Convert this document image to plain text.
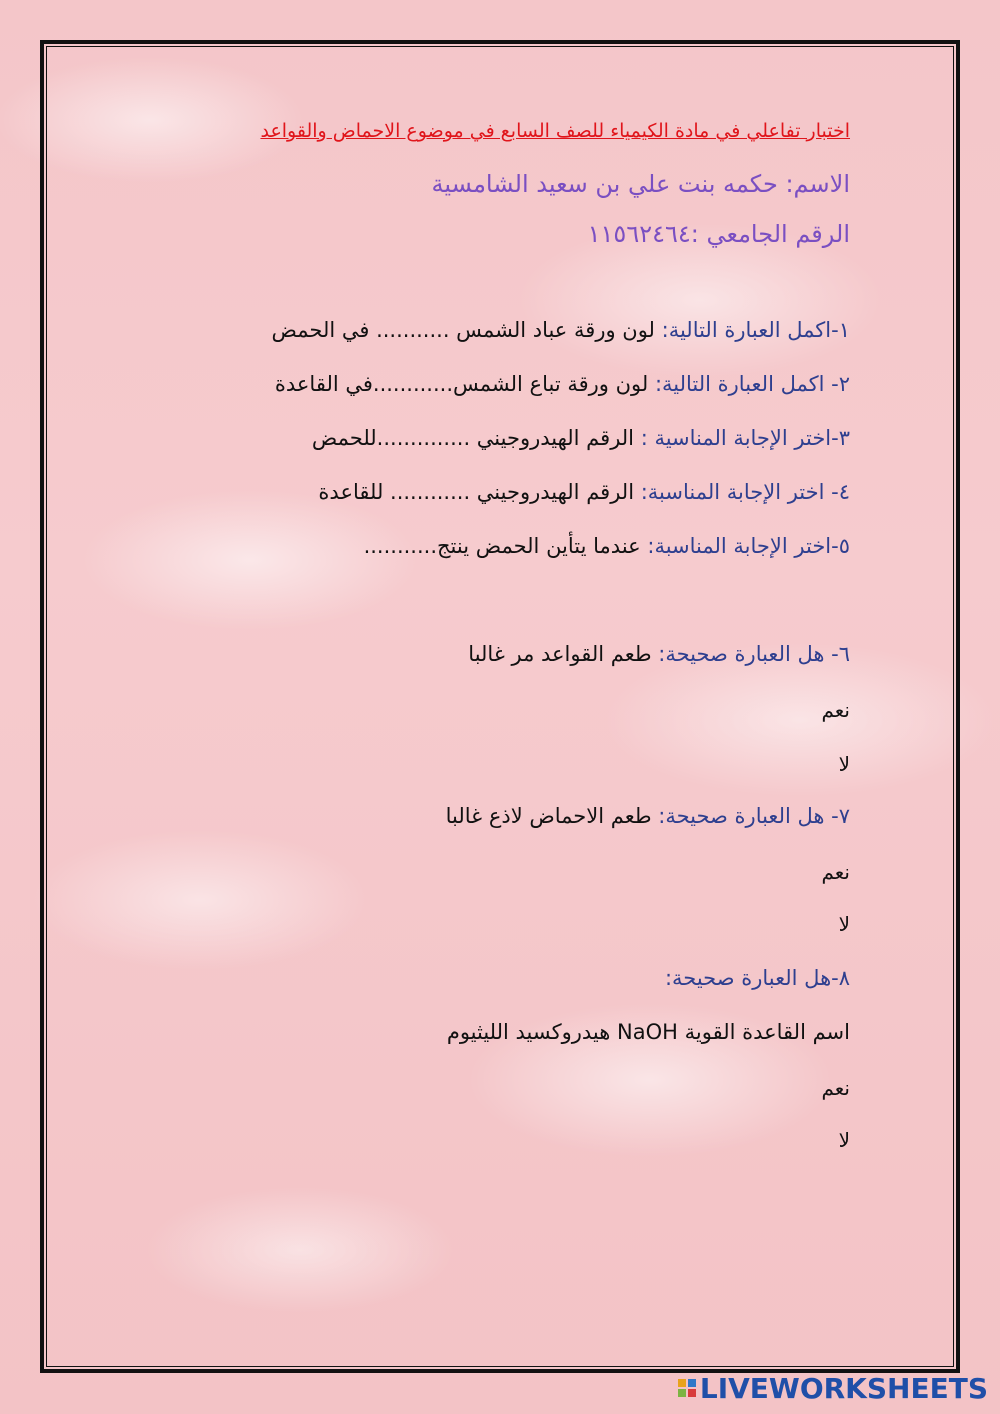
اختبار تفاعلي في مادة الكيمياء للصف السابع في موضوع الاحماض والقواعد
الاسم: حكمه بنت علي بن سعيد الشامسية
الرقم الجامعي :١١٥٦٢٤٦٤
١-اكمل العبارة التالية: لون ورقة عباد الشمس ........... في الحمض
٢- اكمل العبارة التالية: لون ورقة تباع الشمس............في القاعدة
٣-اختر الإجابة المناسية : الرقم الهيدروجيني ..............للحمض
٤- اختر الإجابة المناسبة: الرقم الهيدروجيني ............ للقاعدة
٥-اختر الإجابة المناسبة: عندما يتأين الحمض ينتج...........
٦- هل العبارة صحيحة: طعم القواعد مر غالبا
نعم
لا
٧- هل العبارة صحيحة: طعم الاحماض لاذع غالبا
نعم
لا
٨-هل العبارة صحيحة:
اسم القاعدة القوية NaOH هيدروكسيد الليثيوم
نعم
لا
LIVEWORKSHEETS
